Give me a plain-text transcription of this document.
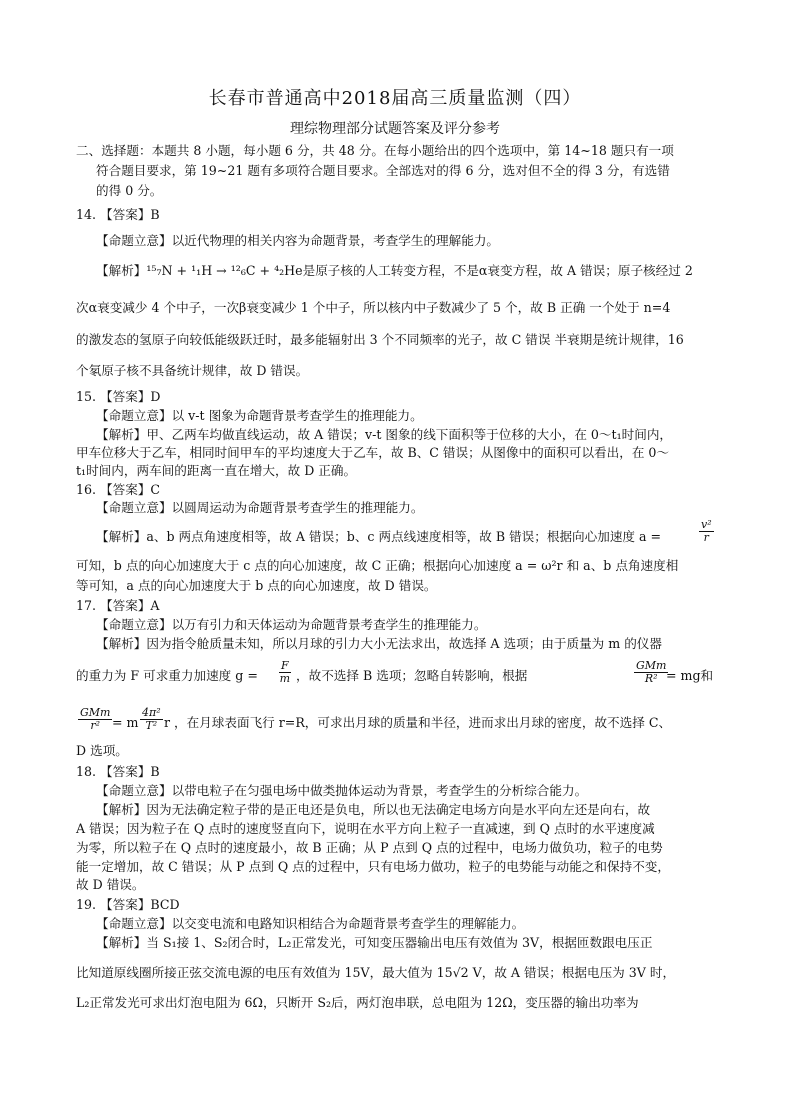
长春市普通高中2018届高三质量监测（四）
理综物理部分试题答案及评分参考
二、选择题：本题共 8 小题，每小题 6 分，共 48 分。在每小题给出的四个选项中，第 14~18 题只有一项
符合题目要求，第 19~21 题有多项符合题目要求。全部选对的得 6 分，选对但不全的得 3 分，有选错
的得 0 分。
14. 【答案】B
【命题立意】以近代物理的相关内容为命题背景，考查学生的理解能力。
【解析】¹⁵₇N + ¹₁H → ¹²₆C + ⁴₂He是原子核的人工转变方程，不是α衰变方程，故 A 错误；原子核经过 2
次α衰变减少 4 个中子，一次β衰变减少 1 个中子，所以核内中子数减少了 5 个，故 B 正确 一个处于 n=4
的激发态的氢原子向较低能级跃迁时，最多能辐射出 3 个不同频率的光子，故 C 错误 半衰期是统计规律，16
个氡原子核不具备统计规律，故 D 错误。
15. 【答案】D
【命题立意】以 v-t 图象为命题背景考查学生的推理能力。
【解析】甲、乙两车均做直线运动，故 A 错误；v-t 图象的线下面积等于位移的大小，在 0～t₁时间内，
甲车位移大于乙车，相同时间甲车的平均速度大于乙车，故 B、C 错误；从图像中的面积可以看出，在 0～
t₁时间内，两车间的距离一直在增大，故 D 正确。
16. 【答案】C
【命题立意】以圆周运动为命题背景考查学生的推理能力。
【解析】a、b 两点角速度相等，故 A 错误；b、c 两点线速度相等，故 B 错误；根据向心加速度 a =	$\frac{\text{v²}}{r}$
可知，b 点的向心加速度大于 c 点的向心加速度，故 C 正确；根据向心加速度 a = ω²r 和 a、b 点角速度相
等可知，a 点的向心加速度大于 b 点的向心加速度，故 D 错误。
17. 【答案】A
【命题立意】以万有引力和天体运动为命题背景考查学生的推理能力。
【解析】因为指令舱质量未知，所以月球的引力大小无法求出，故选择 A 选项；由于质量为 m 的仪器
的重力为 F 可求重力加速度 g =	$\frac{F}{m}$ ，故不选择 B 选项；忽略自转影响，根据
GMm
R² = mg和
GMm
r² = m $\frac{\text{4π²}}{\text{T²}}$ r ，在月球表面飞行 r=R，可求出月球的质量和半径，进而求出月球的密度，故不选择 C、
D 选项。
18. 【答案】B
【命题立意】以带电粒子在匀强电场中做类抛体运动为背景，考查学生的分析综合能力。
【解析】因为无法确定粒子带的是正电还是负电，所以也无法确定电场方向是水平向左还是向右，故
A 错误；因为粒子在 Q 点时的速度竖直向下，说明在水平方向上粒子一直减速，到 Q 点时的水平速度减
为零，所以粒子在 Q 点时的速度最小，故 B 正确；从 P 点到 Q 点的过程中，电场力做负功，粒子的电势
能一定增加，故 C 错误；从 P 点到 Q 点的过程中，只有电场力做功，粒子的电势能与动能之和保持不变，
故 D 错误。
19. 【答案】BCD
【命题立意】以交变电流和电路知识相结合为命题背景考查学生的理解能力。
【解析】当 S₁接 1、S₂闭合时，L₂正常发光，可知变压器输出电压有效值为 3V，根据匝数跟电压正
比知道原线圈所接正弦交流电源的电压有效值为 15V，最大值为 15√2 V，故 A 错误；根据电压为 3V 时，
L₂正常发光可求出灯泡电阻为 6Ω，只断开 S₂后，两灯泡串联，总电阻为 12Ω，变压器的输出功率为
